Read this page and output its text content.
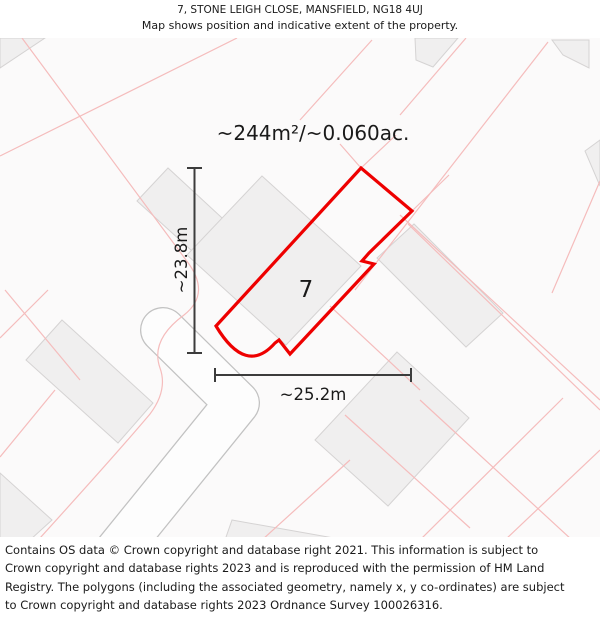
7, STONE LEIGH CLOSE, MANSFIELD, NG18 4UJ
Map shows position and indicative extent of the property.
~244m²/~0.060ac.
7
~23.8m
~25.2m

Contains OS data © Crown copyright and database right 2021. This information is subject to Crown copyright and database rights 2023 and is reproduced with the permission of HM Land Registry. The polygons (including the associated geometry, namely x, y co-ordinates) are subject to Crown copyright and database rights 2023 Ordnance Survey 100026316.
